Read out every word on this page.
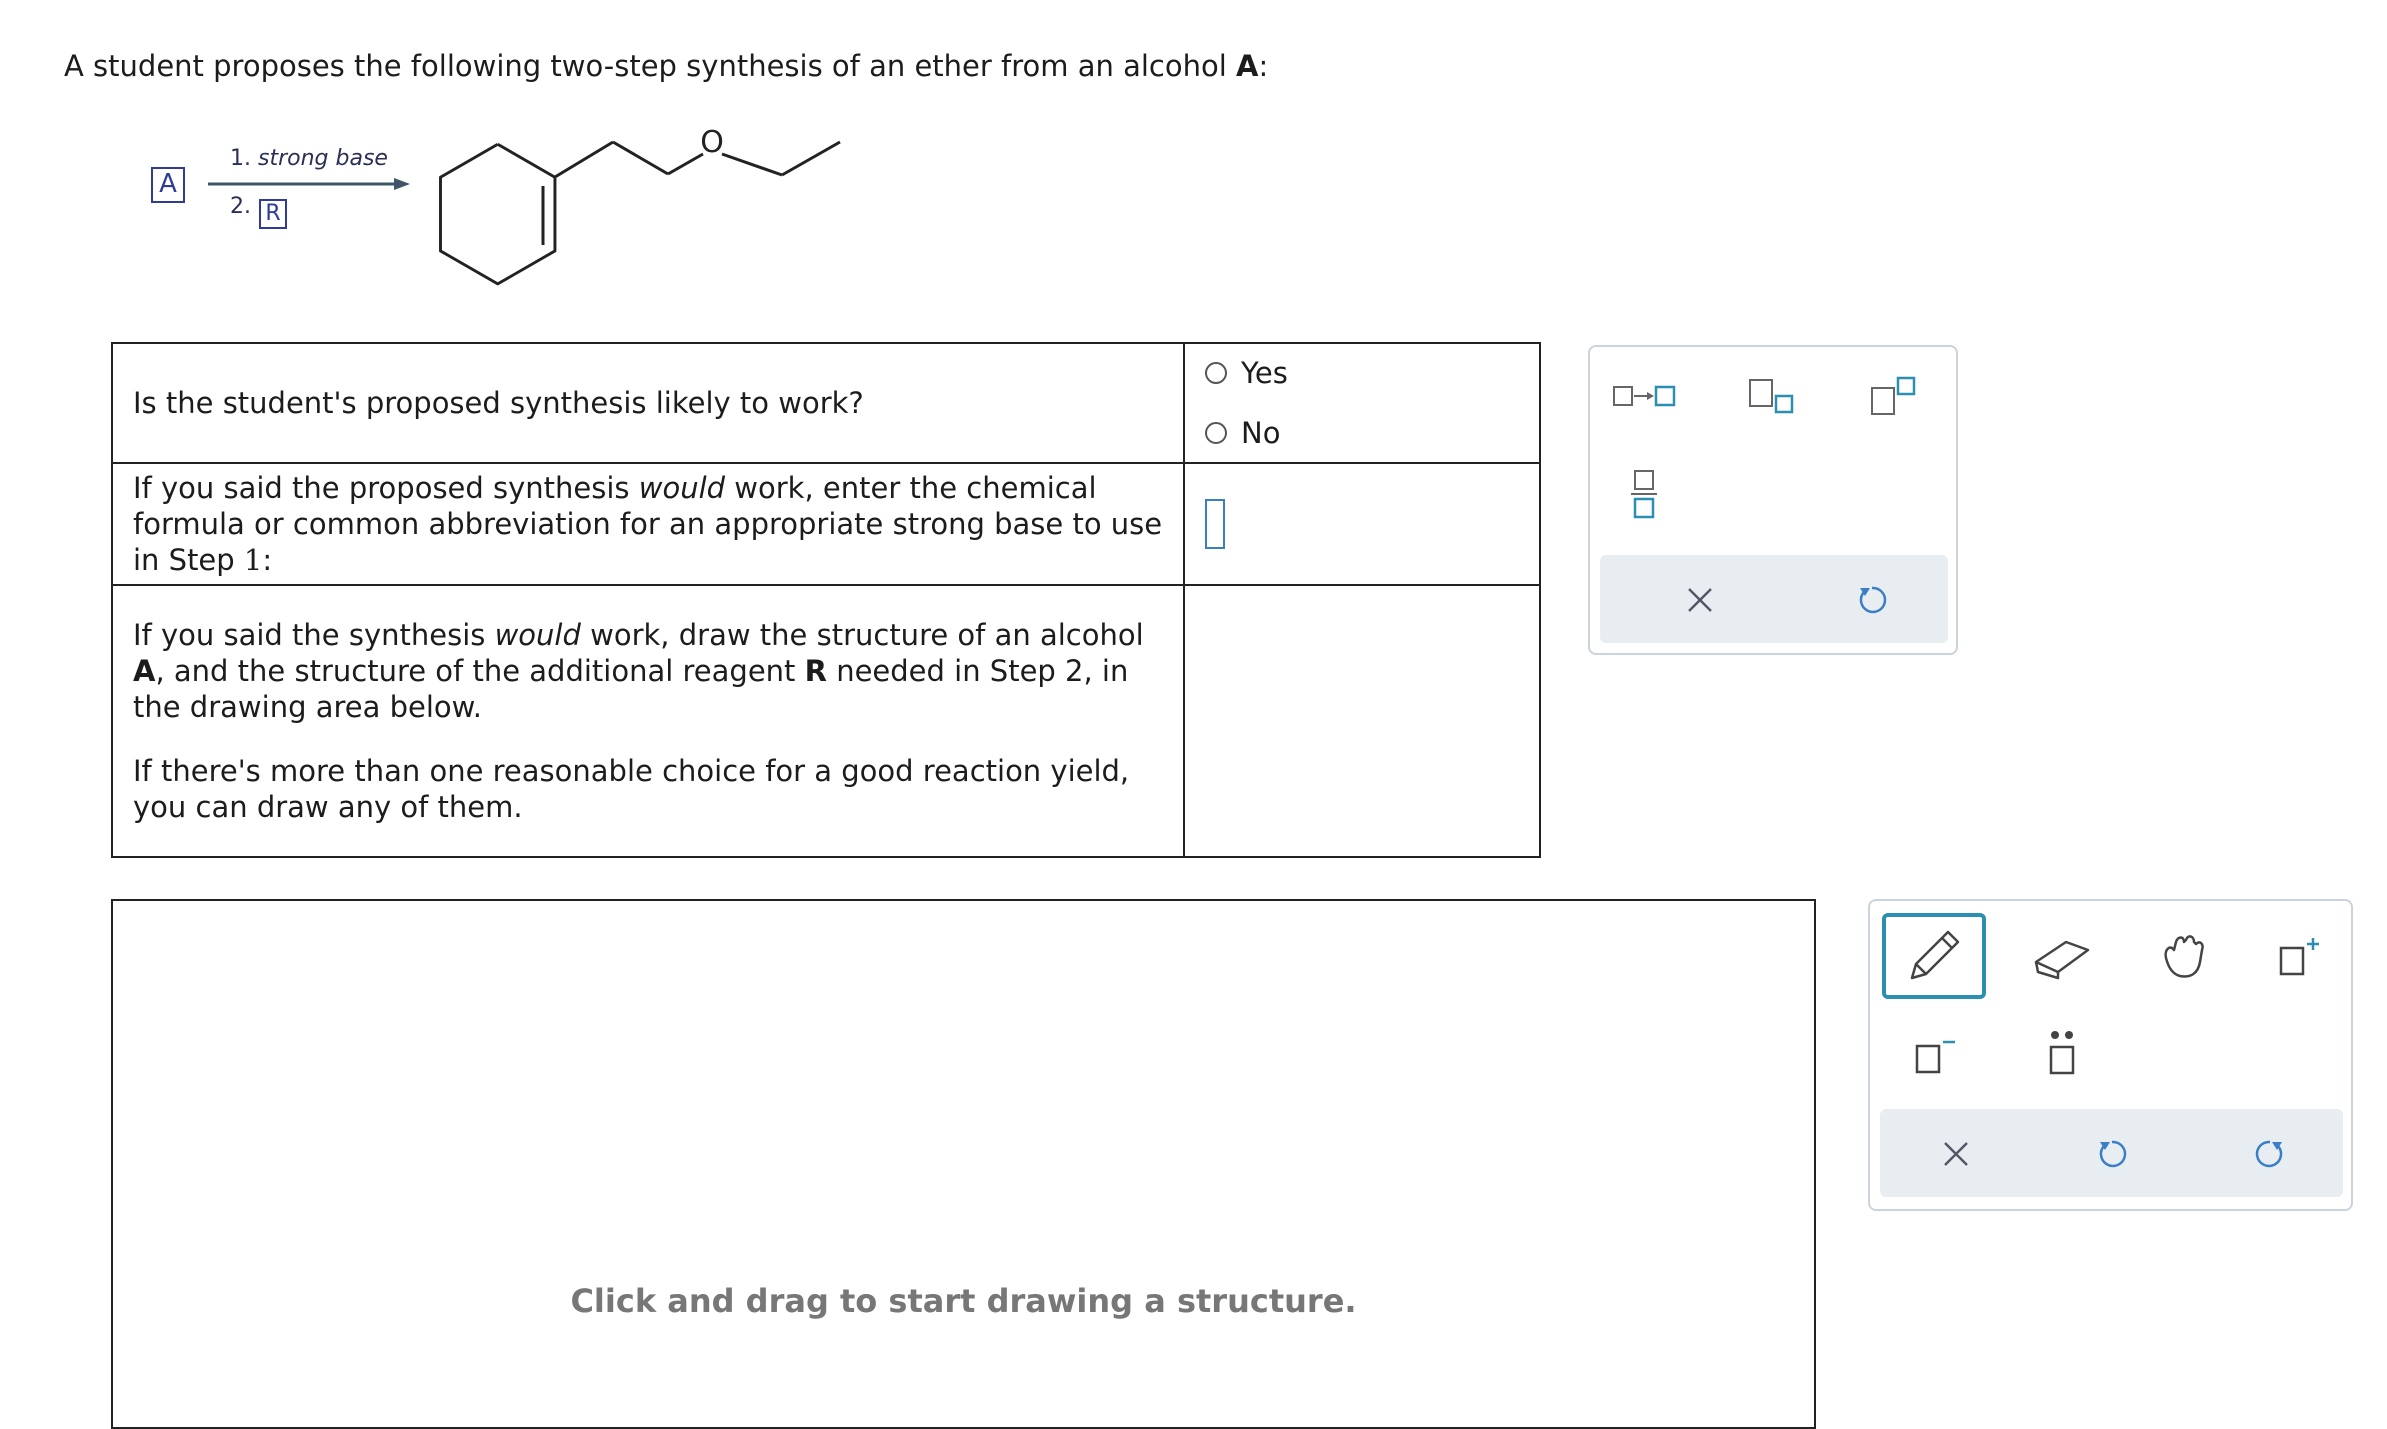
A student proposes the following two-step synthesis of an ether from an alcohol A:
A
1. strong base
2. R
O
Is the student's proposed synthesis likely to work?	Yes
No

If you said the proposed synthesis would work, enter the chemical formula or common abbreviation for an appropriate strong base to use in Step 1:	

If you said the synthesis would work, draw the structure of an alcohol A, and the structure of the additional reagent R needed in Step 2, in the drawing area below.
If there's more than one reasonable choice for a good reaction yield, you can draw any of them.	

Click and drag to start drawing a structure.
